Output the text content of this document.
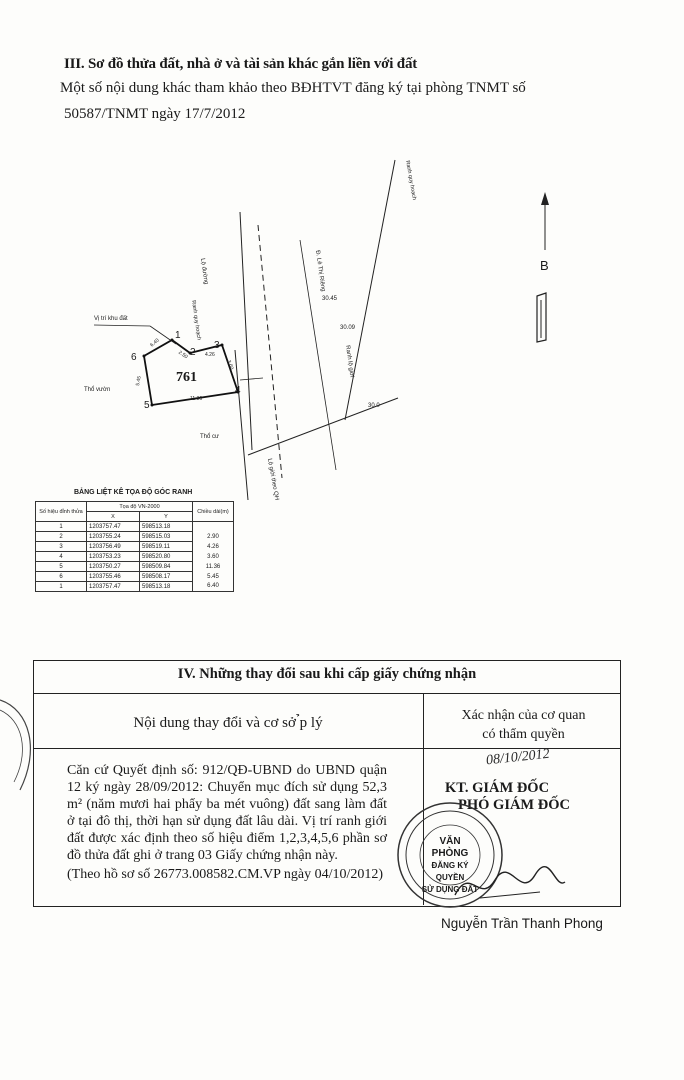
III. Sơ đồ thửa đất, nhà ở và tài sản khác gắn liền với đất
Một số nội dung khác tham khảo theo BĐHTVT đăng ký tại phòng TNMT số
50587/TNMT ngày 17/7/2012
B
761
Vị trí khu đất
Thổ vườn
Thổ cư
Lộ đường
Ranh quy hoạch
Lộ giới theo QH
Ranh quy hoạch
Đ. Lê Thị Riêng
Ranh lộ giới
30.45
30.09
30.0
1
2
3
4
5
6	2.50	4.26
3.60
11.36
5.45
6.40
BẢNG LIỆT KÊ TỌA ĐỘ GÓC RANH
Số hiệu đỉnh thửa	Tọa độ VN-2000		Chiều dài(m)
	X	Y	
1	1203757.47	598513.18	
2	1203755.24	598515.03	2.90
3	1203756.49	598519.11	4.26
4	1203753.23	598520.80	3.60
5	1203750.27	598509.84	11.36
6	1203755.46	598508.17	5.45
1	1203757.47	598513.18	6.40
IV. Những thay đổi sau khi cấp giấy chứng nhận
Nội dung thay đổi và cơ sở ̉p lý	Xác nhận của cơ quan
có thẩm quyền

Căn cứ Quyết định số: 912/QĐ-UBND do UBND quận 12 ký ngày 28/09/2012: Chuyển mục đích sử dụng 52,3 m² (năm mươi hai phẩy ba mét vuông) đất sang làm đất ở tại đô thị, thời hạn sử dụng đất lâu dài. Vị trí ranh giới đất được xác định theo số hiệu điểm 1,2,3,4,5,6 phần sơ đồ thửa đất ghi ở trang 03 Giấy chứng nhận này.

(Theo hồ sơ số 26773.008582.CM.VP ngày 04/10/2012)
08/10/2012
KT. GIÁM ĐỐC
PHÓ GIÁM ĐỐC
VĂN PHÒNG
ĐĂNG KÝ QUYỀN
SỬ DỤNG ĐẤT
Nguyễn Trần Thanh Phong
